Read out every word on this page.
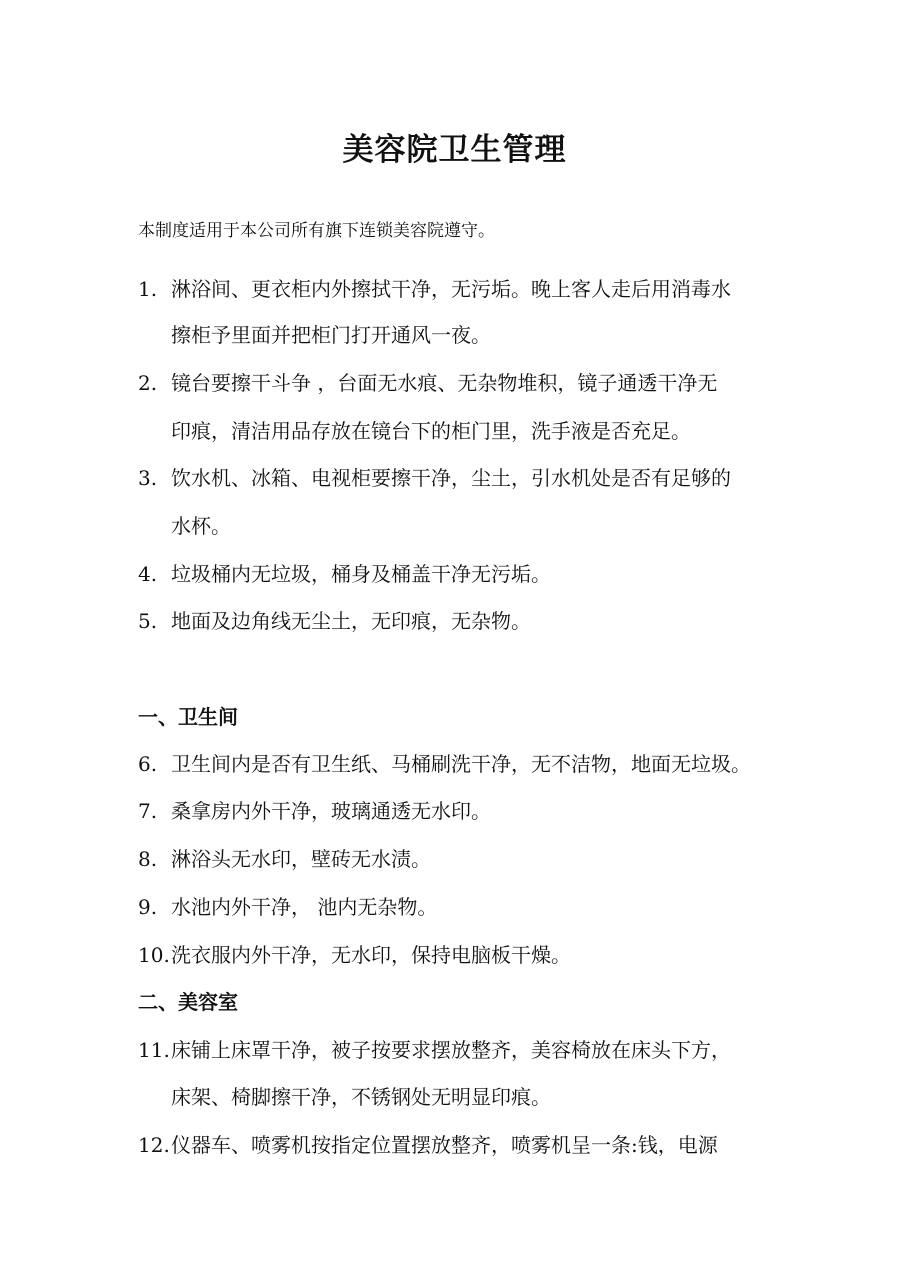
美容院卫生管理
本制度适用于本公司所有旗下连锁美容院遵守。
1. 淋浴间、更衣柜内外擦拭干净，无污垢。晚上客人走后用消毒水
擦柜予里面并把柜门打开通风一夜。
2. 镜台要擦干斗争 ，台面无水痕、无杂物堆积，镜子通透干净无
印痕，清洁用品存放在镜台下的柜门里，洗手液是否充足。
3. 饮水机、冰箱、电视柜要擦干净，尘土，引水机处是否有足够的
水杯。
4. 垃圾桶内无垃圾，桶身及桶盖干净无污垢。
5. 地面及边角线无尘土，无印痕，无杂物。
一、卫生间
6. 卫生间内是否有卫生纸、马桶刷洗干净，无不洁物，地面无垃圾。
7. 桑拿房内外干净，玻璃通透无水印。
8. 淋浴头无水印，壁砖无水渍。
9. 水池内外干净， 池内无杂物。
10. 洗衣服内外干净，无水印，保持电脑板干燥。
二、美容室
11. 床铺上床罩干净，被子按要求摆放整齐，美容椅放在床头下方，
床架、椅脚擦干净，不锈钢处无明显印痕。
12. 仪器车、喷雾机按指定位置摆放整齐，喷雾机呈一条:钱，电源
